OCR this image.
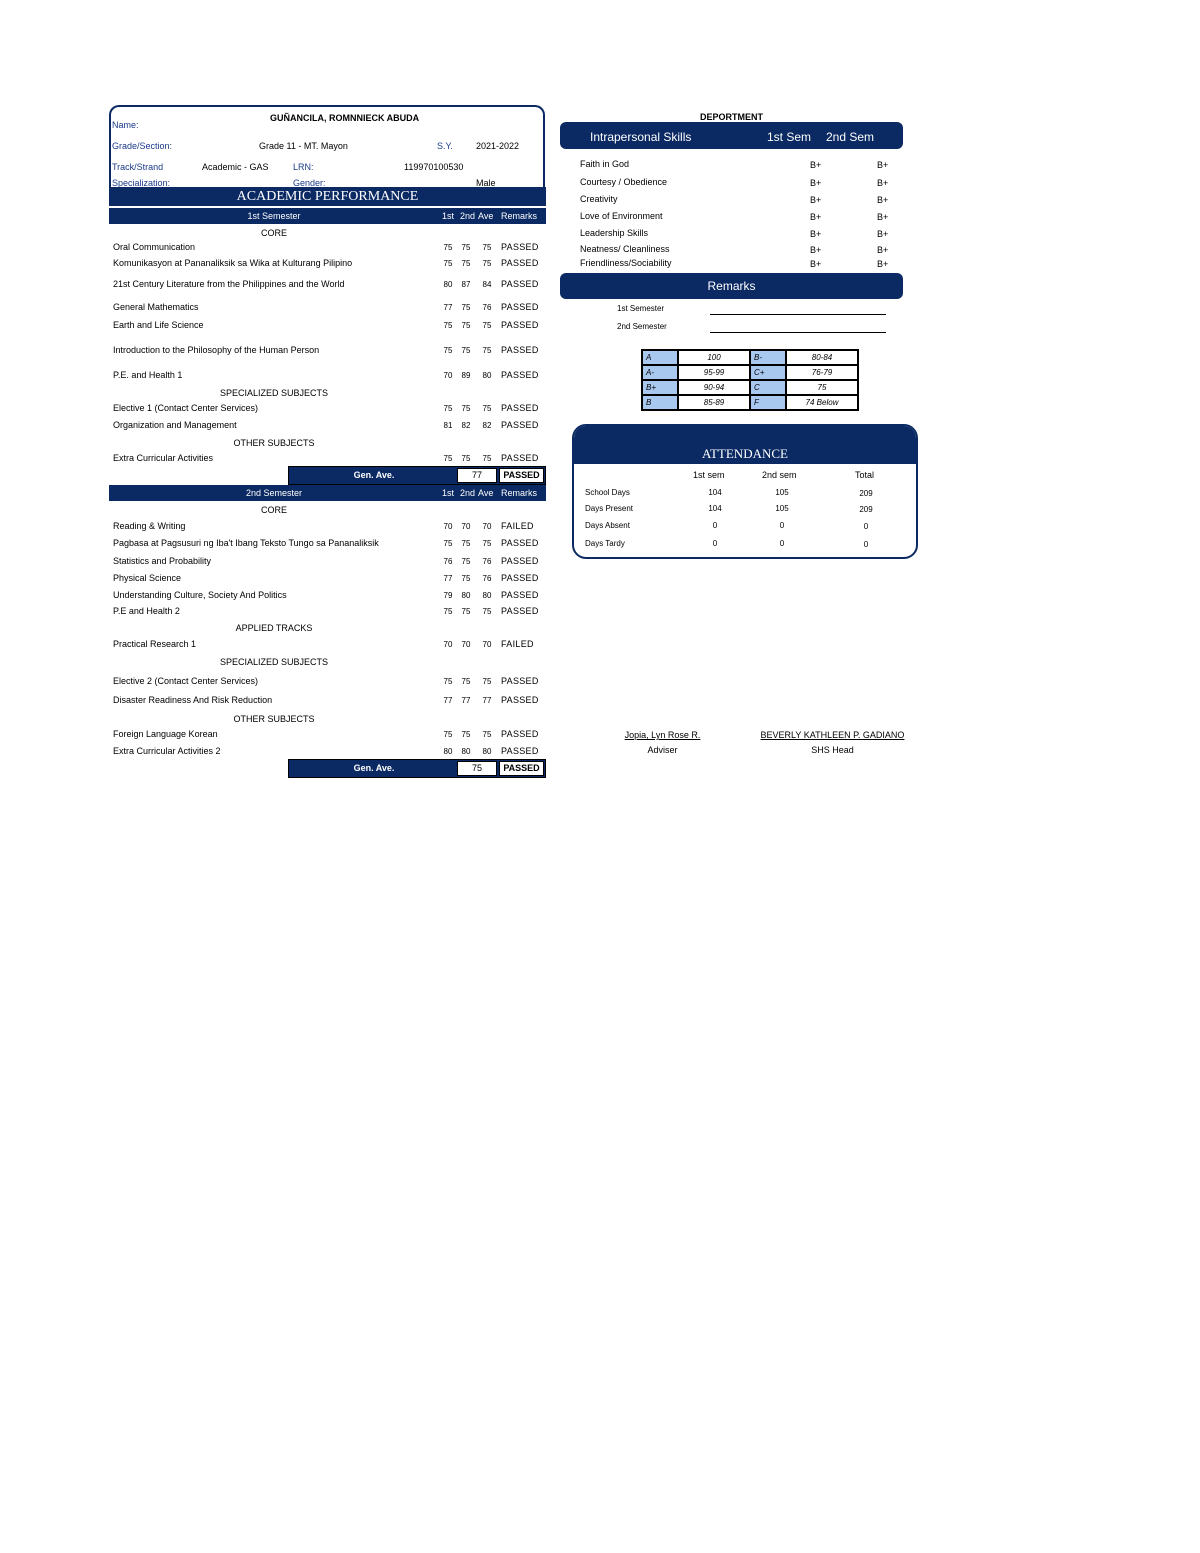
Name:
GUÑANCILA, ROMNNIECK ABUDA
Grade/Section:	Grade 11 - MT. Mayon	S.Y.	2021-2022
Track/Strand	Academic - GAS	LRN:	119970100530
Specialization:	Gender:	Male
ACADEMIC PERFORMANCE
1st Semester	1st 2nd Ave Remarks
CORE
Oral Communication	75	75	75	PASSED
Komunikasyon at Pananaliksik sa Wika at Kulturang Pilipino	75	75	75	PASSED
21st Century Literature from the Philippines and the World	80	87	84	PASSED
General Mathematics	77	75	76	PASSED
Earth and Life Science	75	75	75	PASSED
Introduction to the Philosophy of the Human Person	75	75	75	PASSED
P.E. and Health 1	70	89	80	PASSED
Elective 1 (Contact Center Services)	75	75	75	PASSED
Organization and Management	81	82	82	PASSED
Extra Curricular Activities	75	75	75	PASSED
SPECIALIZED SUBJECTS
OTHER SUBJECTS
Gen. Ave.	77	PASSED
2nd Semester	1st 2nd Ave Remarks
CORE
APPLIED TRACKS
SPECIALIZED SUBJECTS
OTHER SUBJECTS
Reading & Writing	70	70	70	FAILED
Pagbasa at Pagsusuri ng Iba't Ibang Teksto Tungo sa Pananaliksik	75	75	75	PASSED
Statistics and Probability	76	75	76	PASSED
Physical Science	77	75	76	PASSED
Understanding Culture, Society And Politics	79	80	80	PASSED
P.E and Health 2	75	75	75	PASSED
Practical Research 1	70	70	70	FAILED
Elective 2 (Contact Center Services)	75	75	75	PASSED
Disaster Readiness And Risk Reduction	77	77	77	PASSED
Foreign Language Korean	75	75	75	PASSED
Extra Curricular Activities 2	80	80	80	PASSED
Gen. Ave.	75	PASSED
DEPORTMENT
Intrapersonal Skills	1st Sem 2nd Sem
Faith in God	B+	B+
Courtesy / Obedience	B+	B+
Creativity	B+	B+
Love of Environment	B+	B+
Leadership Skills	B+	B+
Neatness/ Cleanliness	B+	B+
Friendliness/Sociability	B+	B+
Remarks
1st Semester
2nd Semester
A	100	B-	80-84
A-	95-99	C+	76-79
B+	90-94	C	75
B	85-89	F	74 Below
ATTENDANCE
1st sem	2nd sem	Total
School Days	104	105	209
Days Present	104	105	209
Days Absent	0	0	0
Days Tardy	0	0	0
Jopia, Lyn Rose R.
Adviser
BEVERLY KATHLEEN P. GADIANO
SHS Head
